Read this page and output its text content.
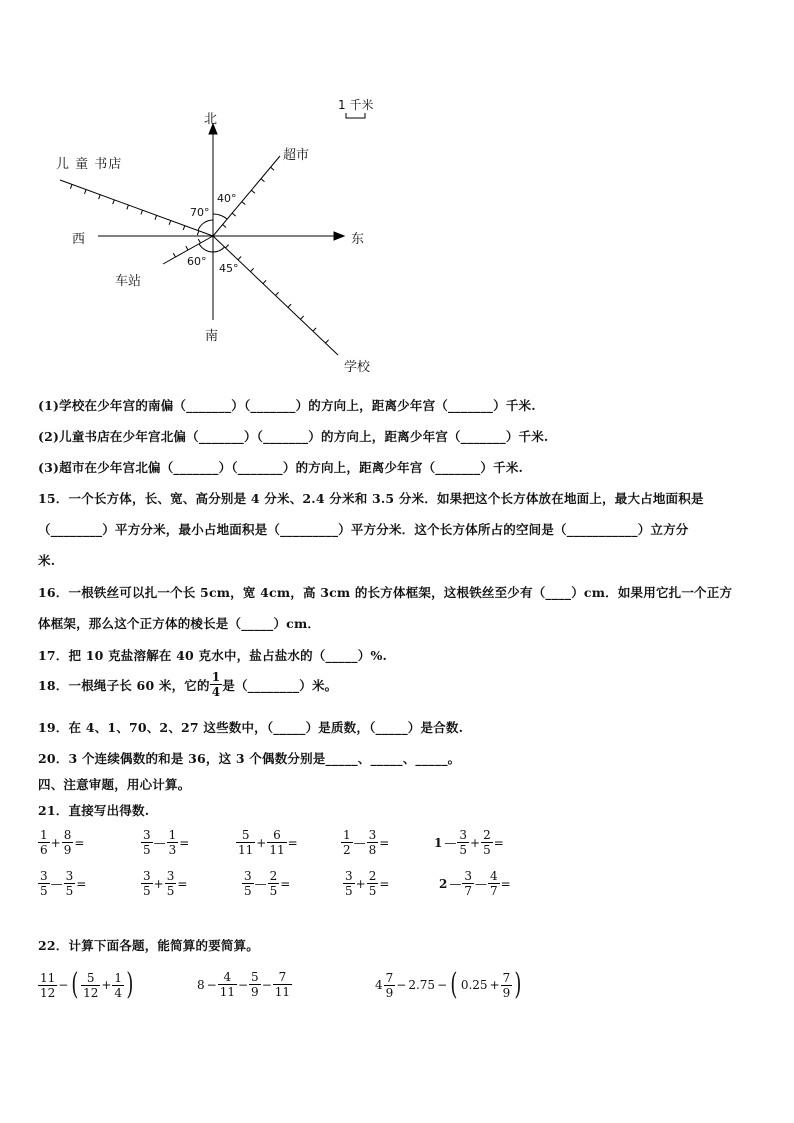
北
南
东
西
儿 童 书店
超市
车站
学校
1 千米
70°
40°
60°
45°
(1)学校在少年宫的南偏（_______）（_______）的方向上，距离少年宫（_______）千米.
(2)儿童书店在少年宫北偏（_______）（_______）的方向上，距离少年宫（_______）千米.
(3)超市在少年宫北偏（_______）（_______）的方向上，距离少年宫（_______）千米.
15．一个长方体，长、宽、高分别是 4 分米、2.4 分米和 3.5 分米．如果把这个长方体放在地面上，最大占地面积是
（________）平方分米，最小占地面积是（_________）平方分米．这个长方体所占的空间是（___________）立方分
米.
16．一根铁丝可以扎一个长 5cm，宽 4cm，高 3cm 的长方体框架，这根铁丝至少有（____）cm．如果用它扎一个正方
体框架，那么这个正方体的棱长是（_____）cm．
17．把 10 克盐溶解在 40 克水中，盐占盐水的（_____）%.
18．一根绳子长 60 米，它的
1
4 是（________）米。
19．在 4、1、70、2、27 这些数中，（_____）是质数，（_____）是合数.
20．3 个连续偶数的和是 36，这 3 个偶数分别是_____、_____、_____。
四、注意审题，用心计算。
21．直接写出得数.
1
6
+
8
9
=
3
5
—
1
3
=
5
11
+
6
11
=
1
2
—
3
8
=	1 —
3
5
+
2
5
=
3
5
—
3
5
=
3
5
+
3
5
=
3
5
—
2
5
=
3
5
+
2
5
=	2 —
3
7
—
4
7
=
22．计算下面各题，能简算的要简算。
11
12
− ( 5
12
+
1
4 )	8 −
4
11
−
5
9
−
7
11	4
7
9
− 2.75 − ( 0.25 +
7
9 )
